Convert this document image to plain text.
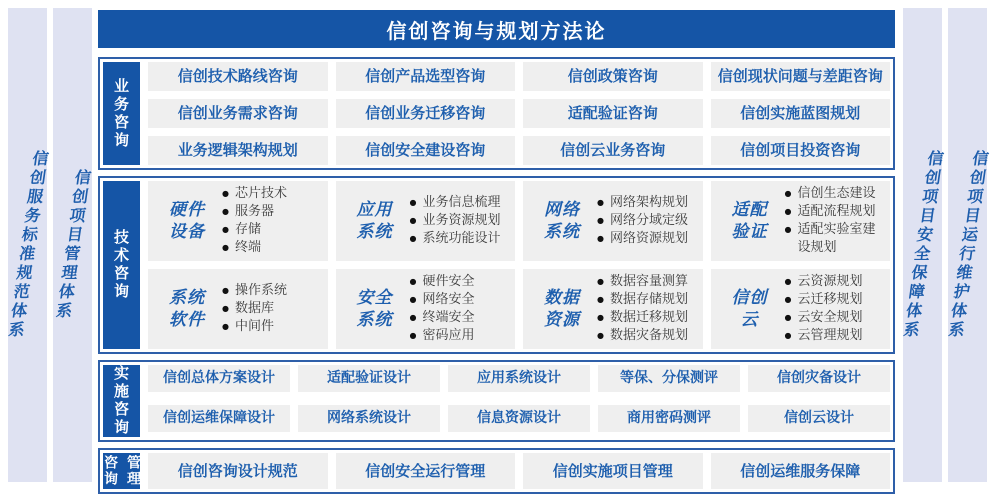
信创服务标准规范体系 信创项目管理体系
信创咨询与规划方法论
业务咨询
信创技术路线咨询	信创产品选型咨询	信创政策咨询	信创现状问题与差距咨询
信创业务需求咨询	信创业务迁移咨询	适配验证咨询	信创实施蓝图规划
业务逻辑架构规划	信创安全建设咨询	信创云业务咨询	信创项目投资咨询
技术咨询
硬件
设备
● 芯片技术
● 服务器
● 存储
● 终端
应用
系统
● 业务信息梳理
● 业务资源规划
● 系统功能设计
网络
系统
● 网络架构规划
● 网络分域定级
● 网络资源规划
适配
验证
● 信创生态建设
● 适配流程规划
● 适配实验室建设规划
系统
软件
● 操作系统
● 数据库
● 中间件
安全
系统
● 硬件安全
● 网络安全
● 终端安全
● 密码应用
数据
资源
● 数据容量测算
● 数据存储规划
● 数据迁移规划
● 数据灾备规划
信创
云
● 云资源规划
● 云迁移规划
● 云安全规划
● 云管理规划
实施咨询	信创总体方案设计	适配验证设计	应用系统设计	等保、分保测评	信创灾备设计
信创运维保障设计	网络系统设计	信息资源设计	商用密码测评	信创云设计
咨询 管理	信创咨询设计规范	信创安全运行管理	信创实施项目管理	信创运维服务保障
信创项目安全保障体系 信创项目运行维护体系
